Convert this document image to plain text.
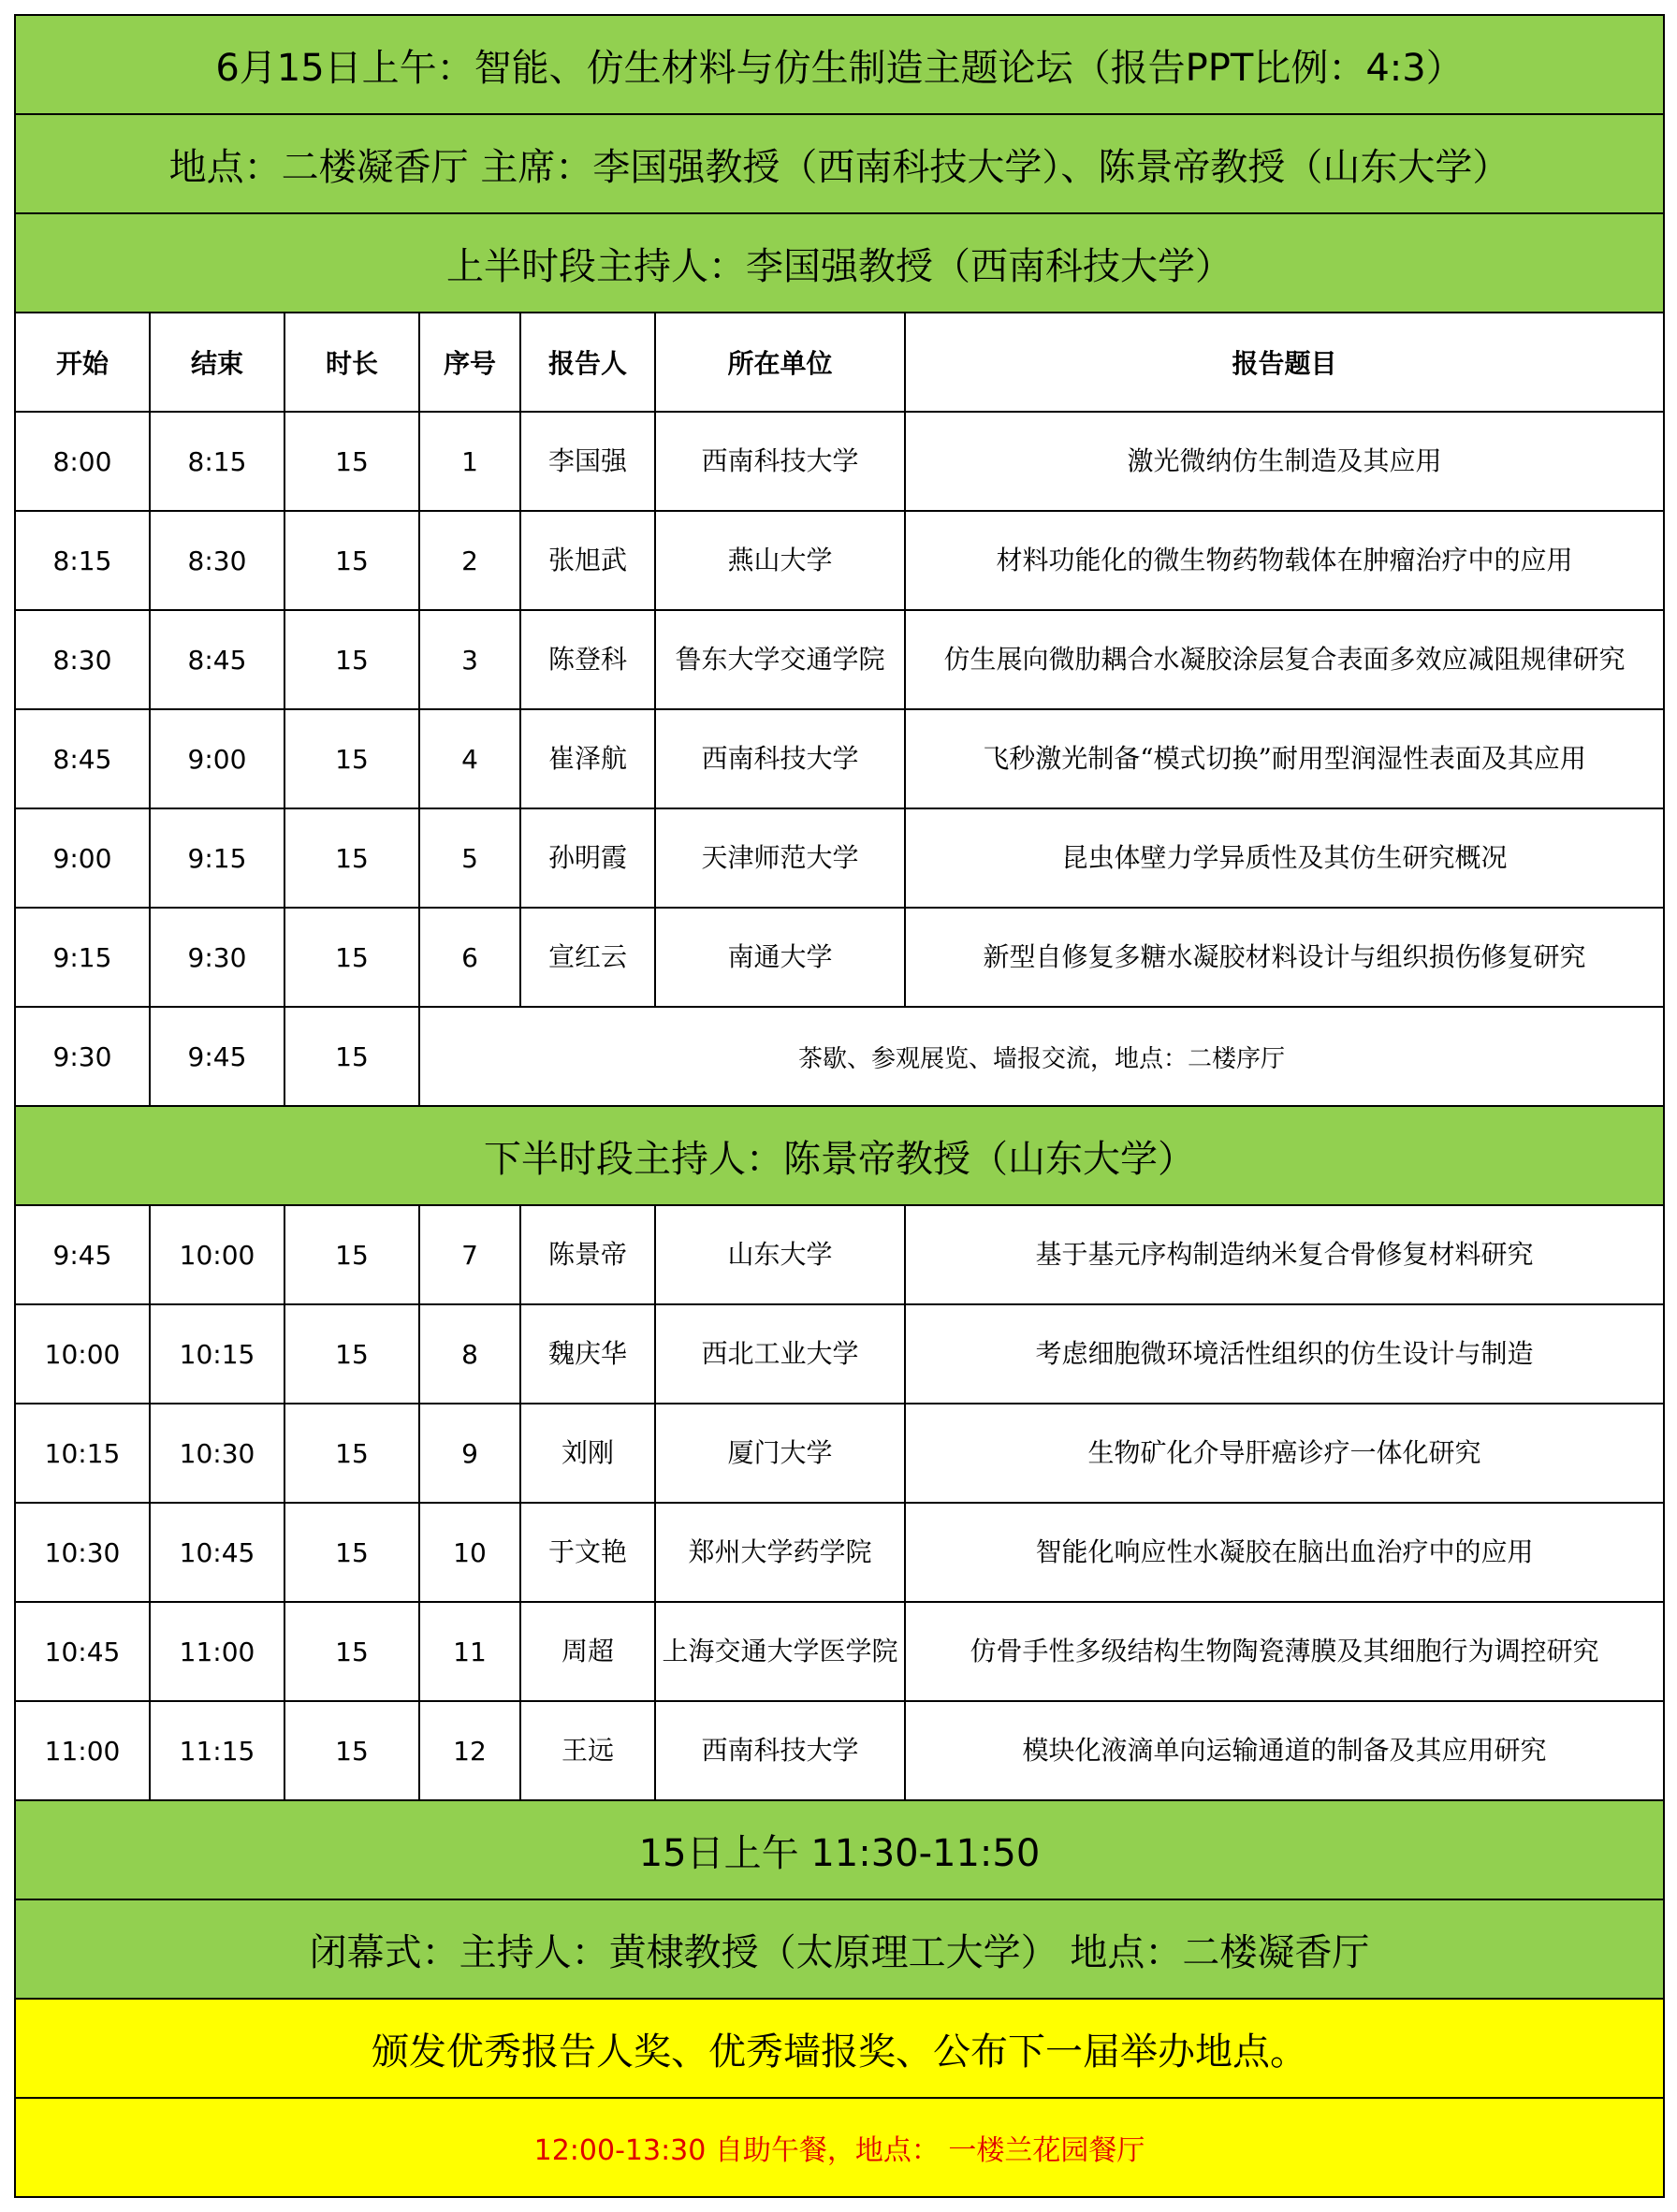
6月15日上午：智能、仿生材料与仿生制造主题论坛（报告PPT比例：4:3）						
地点：二楼凝香厅 主席：李国强教授（西南科技大学）、陈景帝教授（山东大学）						
上半时段主持人：李国强教授（西南科技大学）						
开始	结束	时长	序号	报告人	所在单位	报告题目
8:00	8:15	15	1	李国强	西南科技大学	激光微纳仿生制造及其应用
8:15	8:30	15	2	张旭武	燕山大学	材料功能化的微生物药物载体在肿瘤治疗中的应用
8:30	8:45	15	3	陈登科	鲁东大学交通学院	仿生展向微肋耦合水凝胶涂层复合表面多效应减阻规律研究
8:45	9:00	15	4	崔泽航	西南科技大学	飞秒激光制备“模式切换”耐用型润湿性表面及其应用
9:00	9:15	15	5	孙明霞	天津师范大学	昆虫体壁力学异质性及其仿生研究概况
9:15	9:30	15	6	宣红云	南通大学	新型自修复多糖水凝胶材料设计与组织损伤修复研究
9:30	9:45	15	茶歇、参观展览、墙报交流，地点：二楼序厅			
下半时段主持人：陈景帝教授（山东大学）						
9:45	10:00	15	7	陈景帝	山东大学	基于基元序构制造纳米复合骨修复材料研究
10:00	10:15	15	8	魏庆华	西北工业大学	考虑细胞微环境活性组织的仿生设计与制造
10:15	10:30	15	9	刘刚	厦门大学	生物矿化介导肝癌诊疗一体化研究
10:30	10:45	15	10	于文艳	郑州大学药学院	智能化响应性水凝胶在脑出血治疗中的应用
10:45	11:00	15	11	周超	上海交通大学医学院	仿骨手性多级结构生物陶瓷薄膜及其细胞行为调控研究
11:00	11:15	15	12	王远	西南科技大学	模块化液滴单向运输通道的制备及其应用研究
15日上午 11:30-11:50						
闭幕式：主持人：黄棣教授（太原理工大学） 地点：二楼凝香厅						
颁发优秀报告人奖、优秀墙报奖、公布下一届举办地点。						
12:00-13:30 自助午餐，地点： 一楼兰花园餐厅						
